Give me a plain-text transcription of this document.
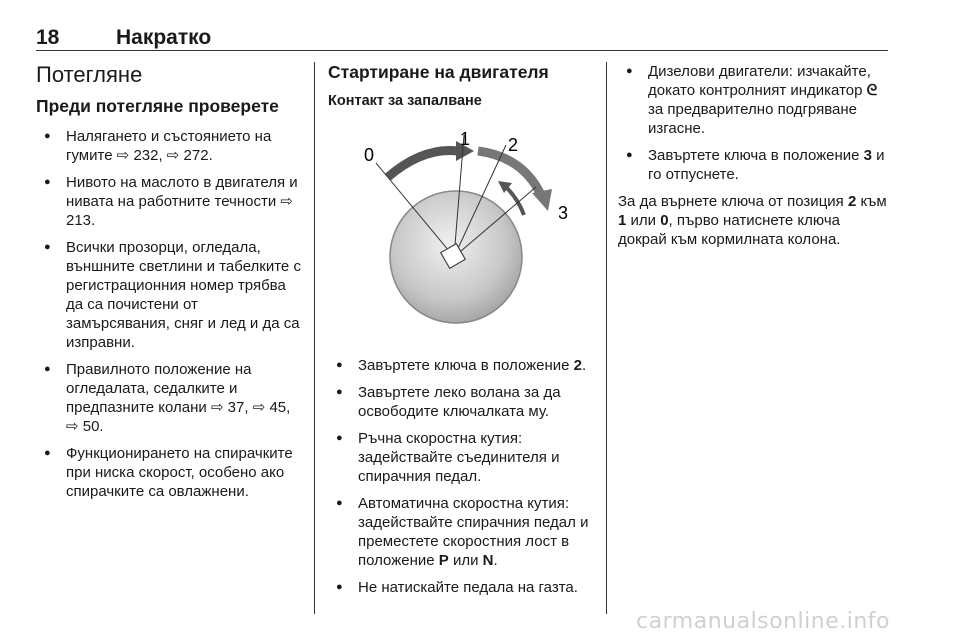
18	Накратко
Потегляне
Преди потегляне проверете
● Налягането и състоянието на гумите ⇨ 232, ⇨ 272.
● Нивото на маслото в двигателя и нивата на работните течности ⇨ 213.
● Всички прозорци, огледала, външните светлини и табелките с регистрационния номер трябва да са почистени от замърсявания, сняг и лед и да са изправни.
● Правилното положение на огледалата, седалките и предпазните колани ⇨ 37, ⇨ 45, ⇨ 50.
● Функционирането на спирачките при ниска скорост, особено ако спирачките са овлажнени.
Стартиране на двигателя
Контакт за запалване
0
1 2
3
● Завъртете ключа в положение 2.
● Завъртете леко волана за да освободите ключалката му.
● Ръчна скоростна кутия: задействайте съединителя и спирачния педал.
● Автоматична скоростна кутия: задействайте спирачния педал и преместете скоростния лост в положение P или N.
● Не натискайте педала на газта.
● Дизелови двигатели: изчакайте, докато контролният индикатор ᘓ за предварително подгряване изгасне.
● Завъртете ключа в положение 3 и го отпуснете.

За да върнете ключа от позиция 2 към 1 или 0, първо натиснете ключа докрай към кормилната колона.

carmanualsonline.info
